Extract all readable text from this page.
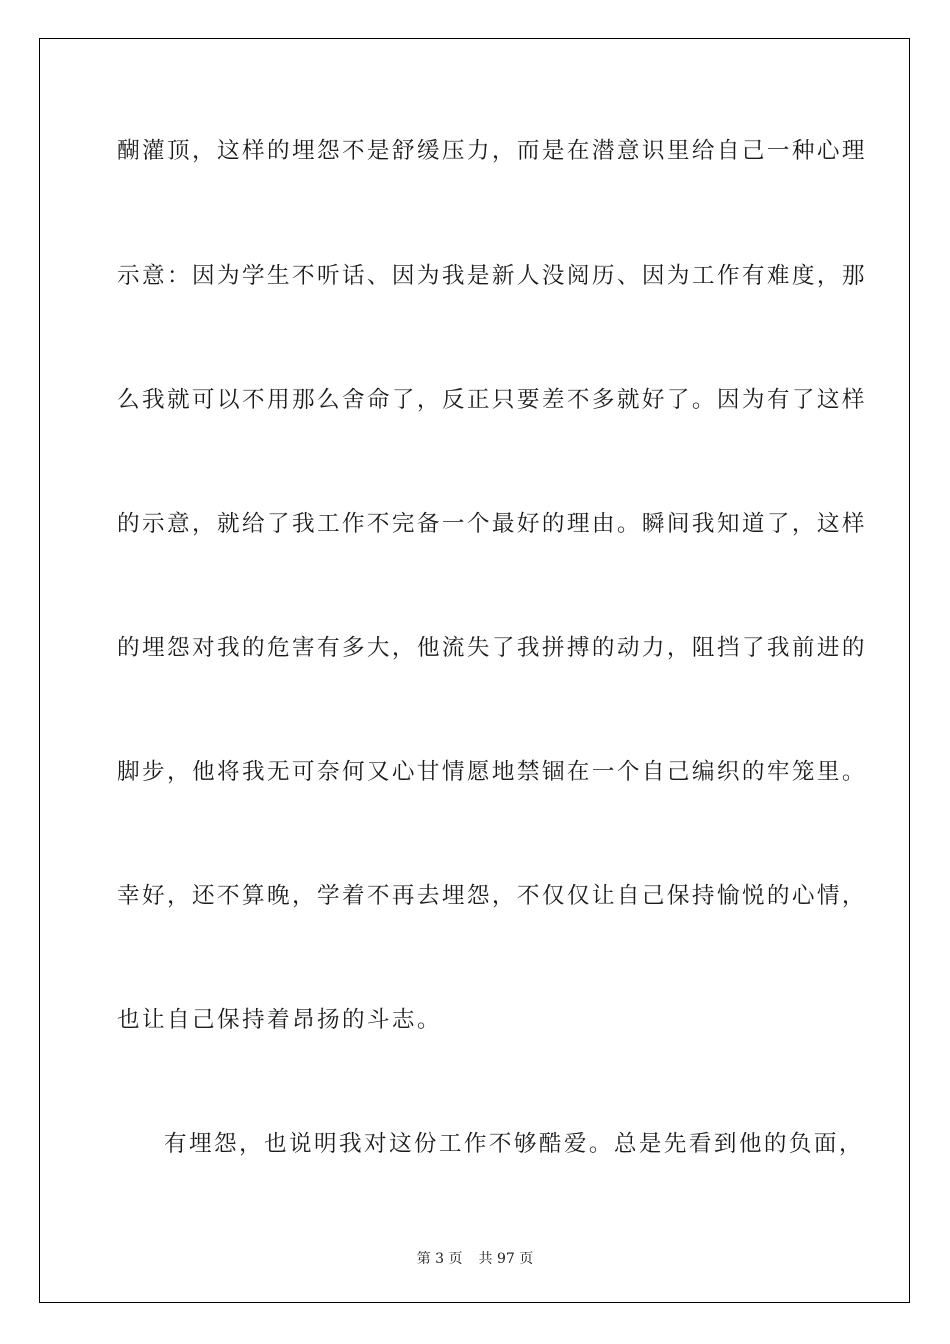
醐灌顶，这样的埋怨不是舒缓压力，而是在潜意识里给自己一种心理
示意：因为学生不听话、因为我是新人没阅历、因为工作有难度，那
么我就可以不用那么舍命了，反正只要差不多就好了。因为有了这样
的示意，就给了我工作不完备一个最好的理由。瞬间我知道了，这样
的埋怨对我的危害有多大，他流失了我拼搏的动力，阻挡了我前进的
脚步，他将我无可奈何又心甘情愿地禁锢在一个自己编织的牢笼里。
幸好，还不算晚，学着不再去埋怨，不仅仅让自己保持愉悦的心情，
也让自己保持着昂扬的斗志。
有埋怨，也说明我对这份工作不够酷爱。总是先看到他的负面，
第 3 页 共 97 页
